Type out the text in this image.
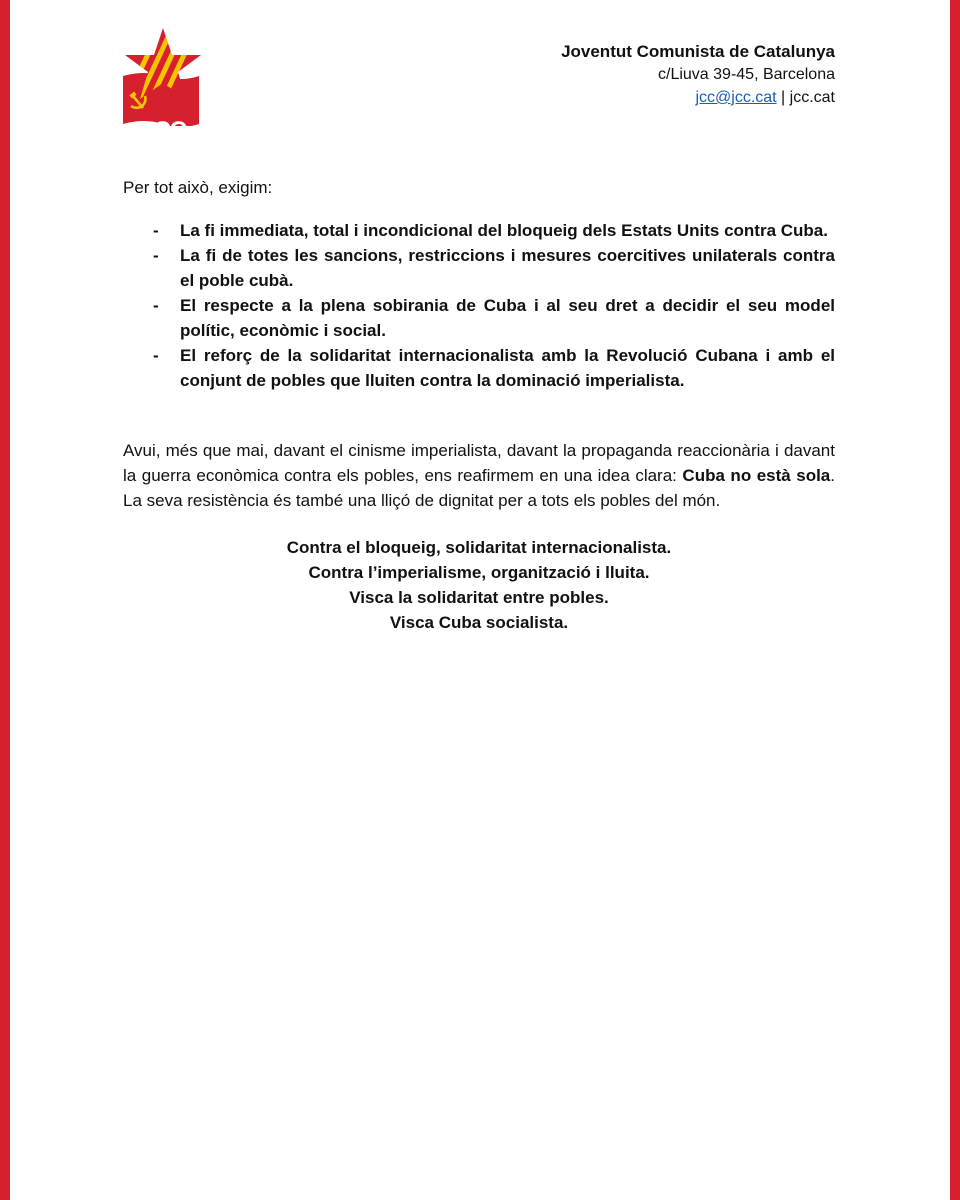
JCC
Joventut Comunista de Catalunya
c/Liuva 39-45, Barcelona
jcc@jcc.cat | jcc.cat
Per tot això, exigim:
- La fi immediata, total i incondicional del bloqueig dels Estats Units contra Cuba.
- La fi de totes les sancions, restriccions i mesures coercitives unilaterals contra el poble cubà.
- El respecte a la plena sobirania de Cuba i al seu dret a decidir el seu model polític, econòmic i social.
- El reforç de la solidaritat internacionalista amb la Revolució Cubana i amb el conjunt de pobles que lluiten contra la dominació imperialista.
Avui, més que mai, davant el cinisme imperialista, davant la propaganda reaccionària i davant la guerra econòmica contra els pobles, ens reafirmem en una idea clara: Cuba no està sola. La seva resistència és també una lliçó de dignitat per a tots els pobles del món.
Contra el bloqueig, solidaritat internacionalista.
Contra l’imperialisme, organització i lluita.
Visca la solidaritat entre pobles.
Visca Cuba socialista.
